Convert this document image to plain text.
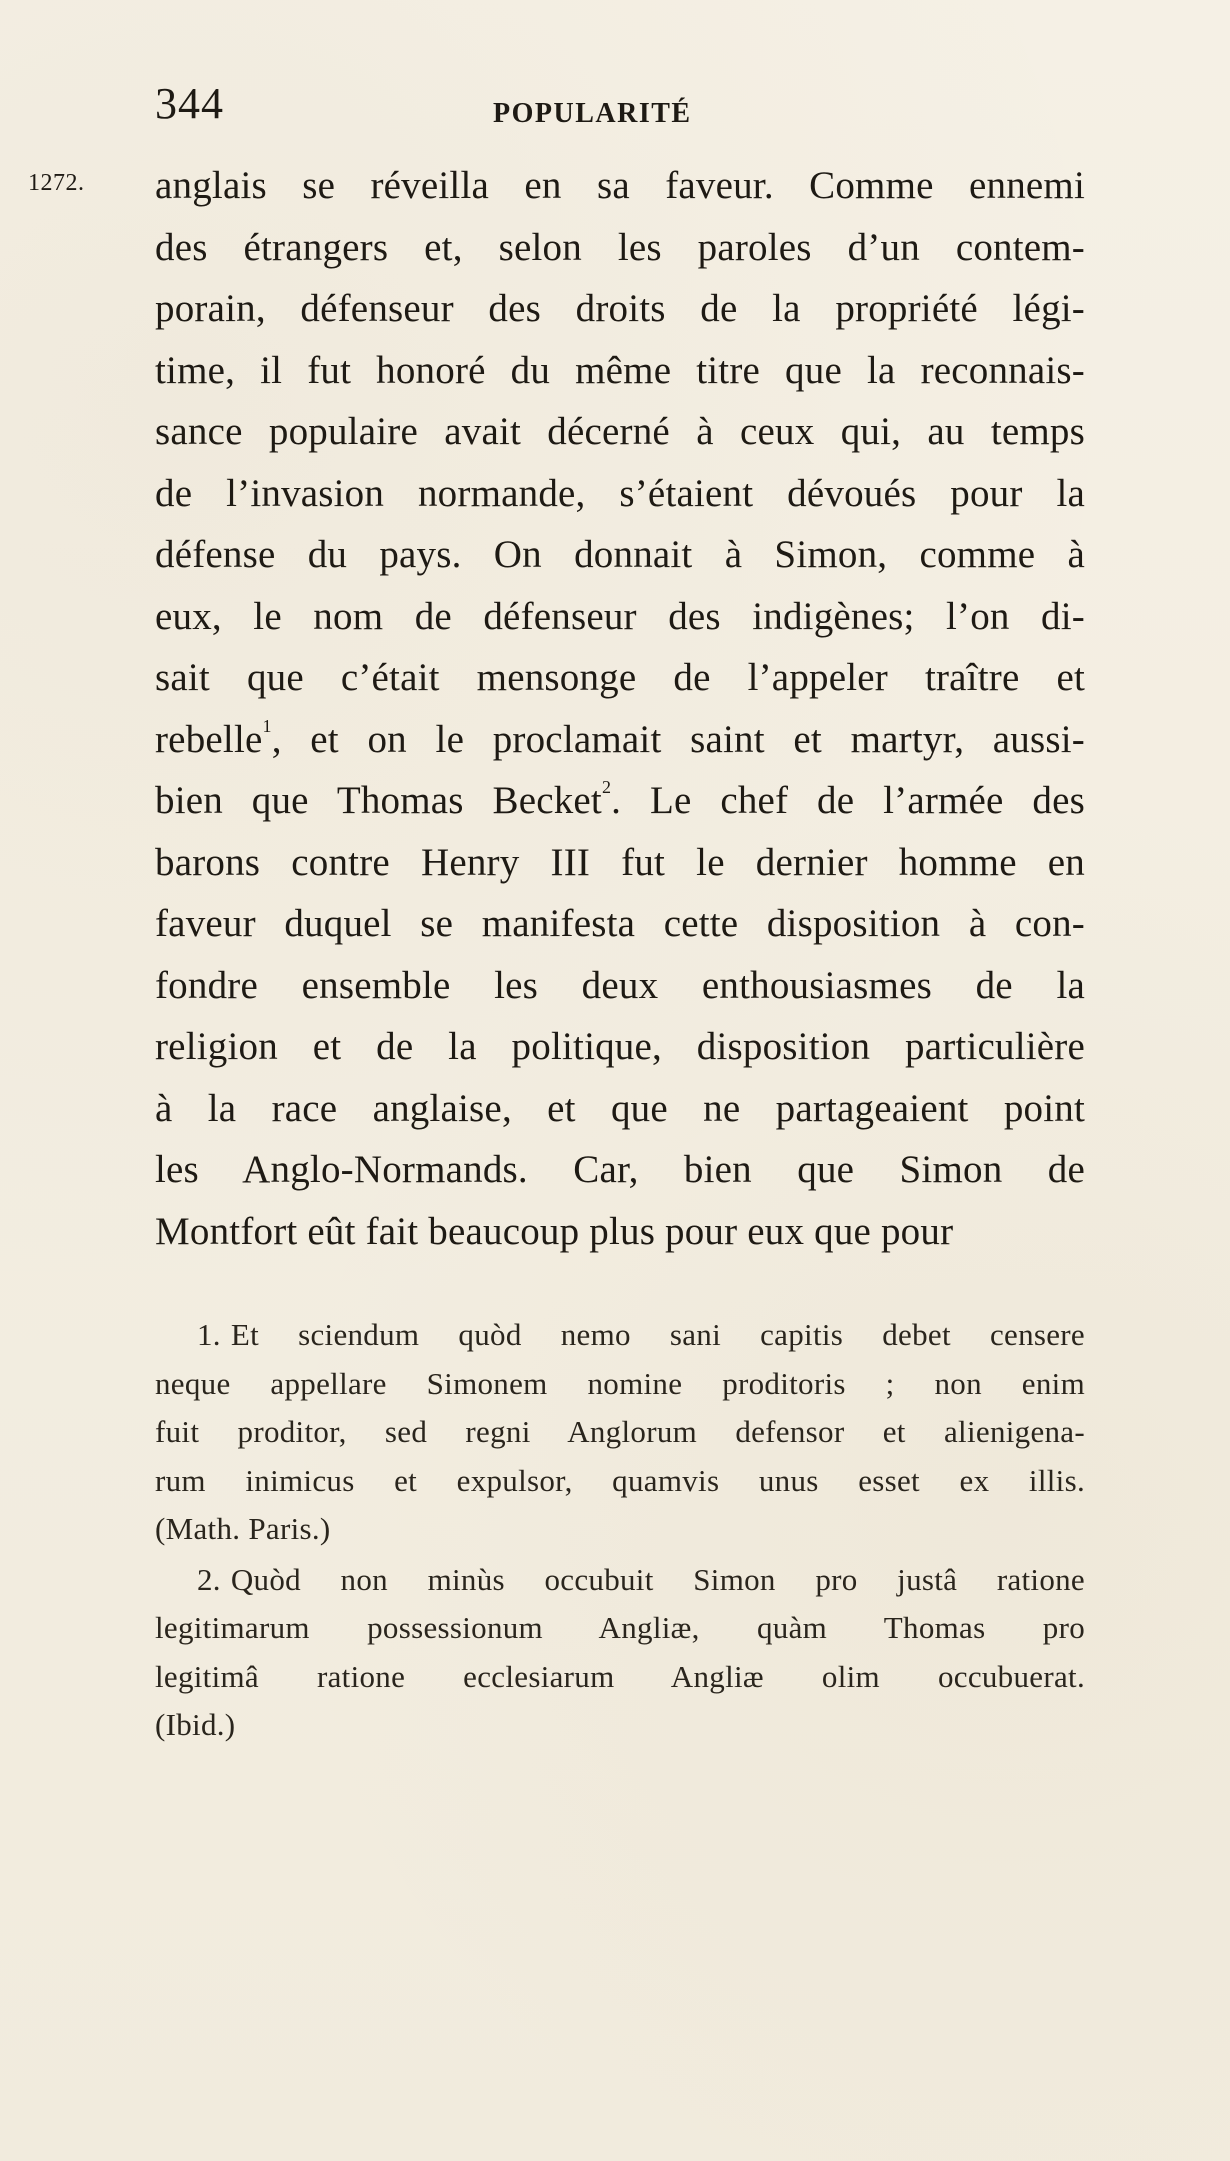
344	POPULARITÉ
1272. anglais se réveilla en sa faveur. Comme ennemi
des étrangers et, selon les paroles d’un contem-
porain, défenseur des droits de la propriété légi-
time, il fut honoré du même titre que la reconnais-
sance populaire avait décerné à ceux qui, au temps
de l’invasion normande, s’étaient dévoués pour la
défense du pays. On donnait à Simon, comme à
eux, le nom de défenseur des indigènes; l’on di-
sait que c’était mensonge de l’appeler traître et
rebelle$^1$, et on le proclamait saint et martyr, aussi-
bien que Thomas Becket$^2$. Le chef de l’armée des
barons contre Henry III fut le dernier homme en
faveur duquel se manifesta cette disposition à con-
fondre ensemble les deux enthousiasmes de la
religion et de la politique, disposition particulière
à la race anglaise, et que ne partageaient point
les Anglo-Normands. Car, bien que Simon de
Montfort eût fait beaucoup plus pour eux que pour
1. Et sciendum quòd nemo sani capitis debet censere
neque appellare Simonem nomine proditoris ; non enim
fuit proditor, sed regni Anglorum defensor et alienigena-
rum inimicus et expulsor, quamvis unus esset ex illis.
(Math. Paris.)
2. Quòd non minùs occubuit Simon pro justâ ratione
legitimarum possessionum Angliæ, quàm Thomas pro
legitimâ ratione ecclesiarum Angliæ olim occubuerat.
(Ibid.)
